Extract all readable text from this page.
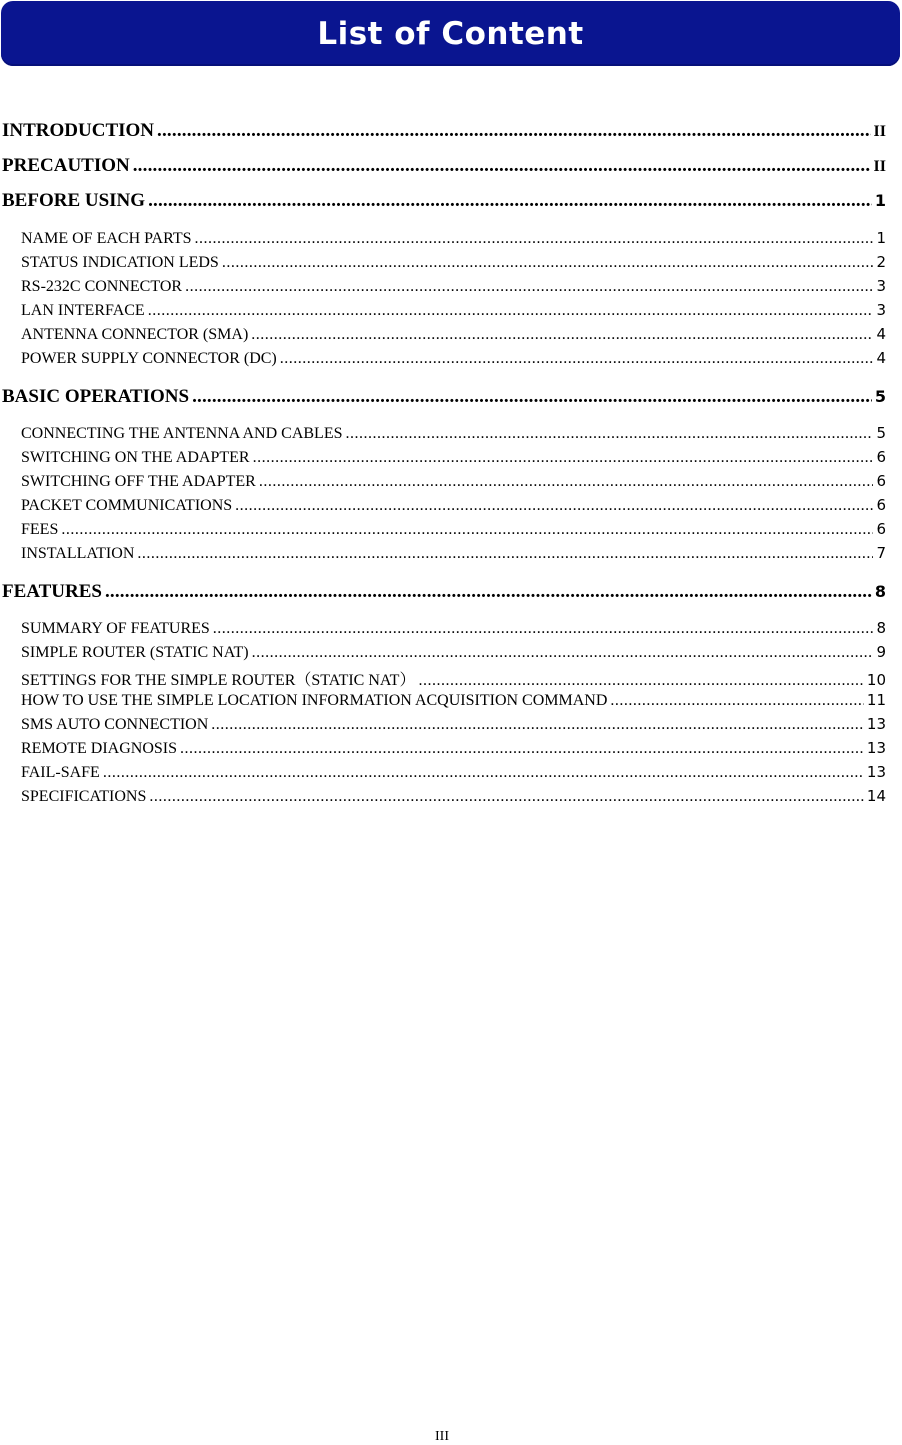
List of Content
INTRODUCTION .....	II
PRECAUTION .....	II
BEFORE USING .....	1
NAME OF EACH PARTS .....	1
STATUS INDICATION LEDS .....	2
RS-232C CONNECTOR .....	3
LAN INTERFACE .....	3
ANTENNA CONNECTOR (SMA) .....	4
POWER SUPPLY CONNECTOR (DC) .....	4
BASIC OPERATIONS .....	5
CONNECTING THE ANTENNA AND CABLES .....	5
SWITCHING ON THE ADAPTER .....	6
SWITCHING OFF THE ADAPTER .....	6
PACKET COMMUNICATIONS .....	6
FEES .....	6
INSTALLATION .....	7
FEATURES .....	8
SUMMARY OF FEATURES .....	8
SIMPLE ROUTER (STATIC NAT) .....	9
SETTINGS FOR THE SIMPLE ROUTER（STATIC NAT） .....	10
HOW TO USE THE SIMPLE LOCATION INFORMATION ACQUISITION COMMAND .....	11
SMS AUTO CONNECTION .....	13
REMOTE DIAGNOSIS .....	13
FAIL-SAFE .....	13
SPECIFICATIONS .....	14
III
